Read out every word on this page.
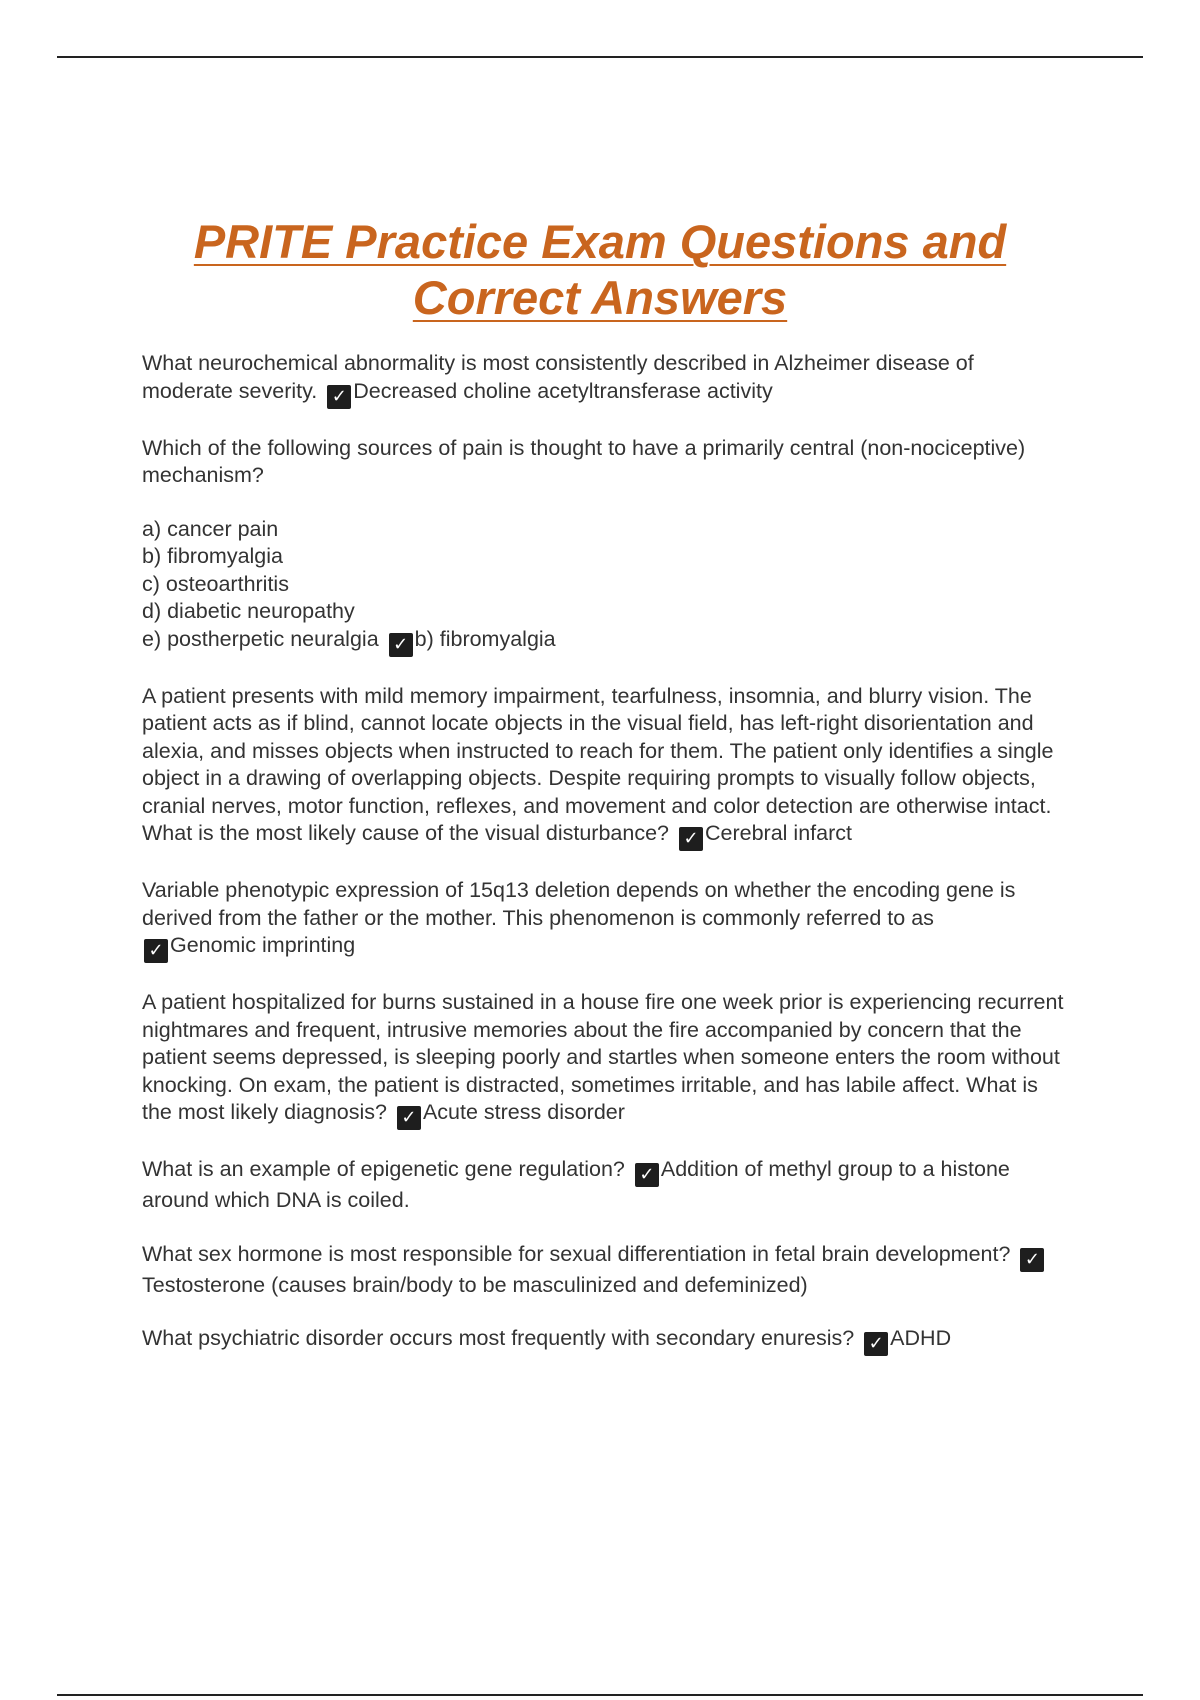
PRITE Practice Exam Questions and
Correct Answers

What neurochemical abnormality is most consistently described in Alzheimer disease of moderate severity. ✓ Decreased choline acetyltransferase activity

Which of the following sources of pain is thought to have a primarily central (non-nociceptive) mechanism?

a) cancer pain
b) fibromyalgia
c) osteoarthritis
d) diabetic neuropathy
e) postherpetic neuralgia ✓ b) fibromyalgia

A patient presents with mild memory impairment, tearfulness, insomnia, and blurry vision. The patient acts as if blind, cannot locate objects in the visual field, has left-right disorientation and alexia, and misses objects when instructed to reach for them. The patient only identifies a single object in a drawing of overlapping objects. Despite requiring prompts to visually follow objects, cranial nerves, motor function, reflexes, and movement and color detection are otherwise intact. What is the most likely cause of the visual disturbance? ✓ Cerebral infarct

Variable phenotypic expression of 15q13 deletion depends on whether the encoding gene is

derived from the father or the mother. This phenomenon is commonly referred to as

✓ Genomic imprinting

A patient hospitalized for burns sustained in a house fire one week prior is experiencing recurrent nightmares and frequent, intrusive memories about the fire accompanied by concern that the patient seems depressed, is sleeping poorly and startles when someone enters the room without knocking. On exam, the patient is distracted, sometimes irritable, and has labile affect. What is the most likely diagnosis? ✓ Acute stress disorder

What is an example of epigenetic gene regulation? ✓ Addition of methyl group to a histone around which DNA is coiled.

What sex hormone is most responsible for sexual differentiation in fetal brain development? ✓Testosterone (causes brain/body to be masculinized and defeminized)

What psychiatric disorder occurs most frequently with secondary enuresis? ✓ ADHD
